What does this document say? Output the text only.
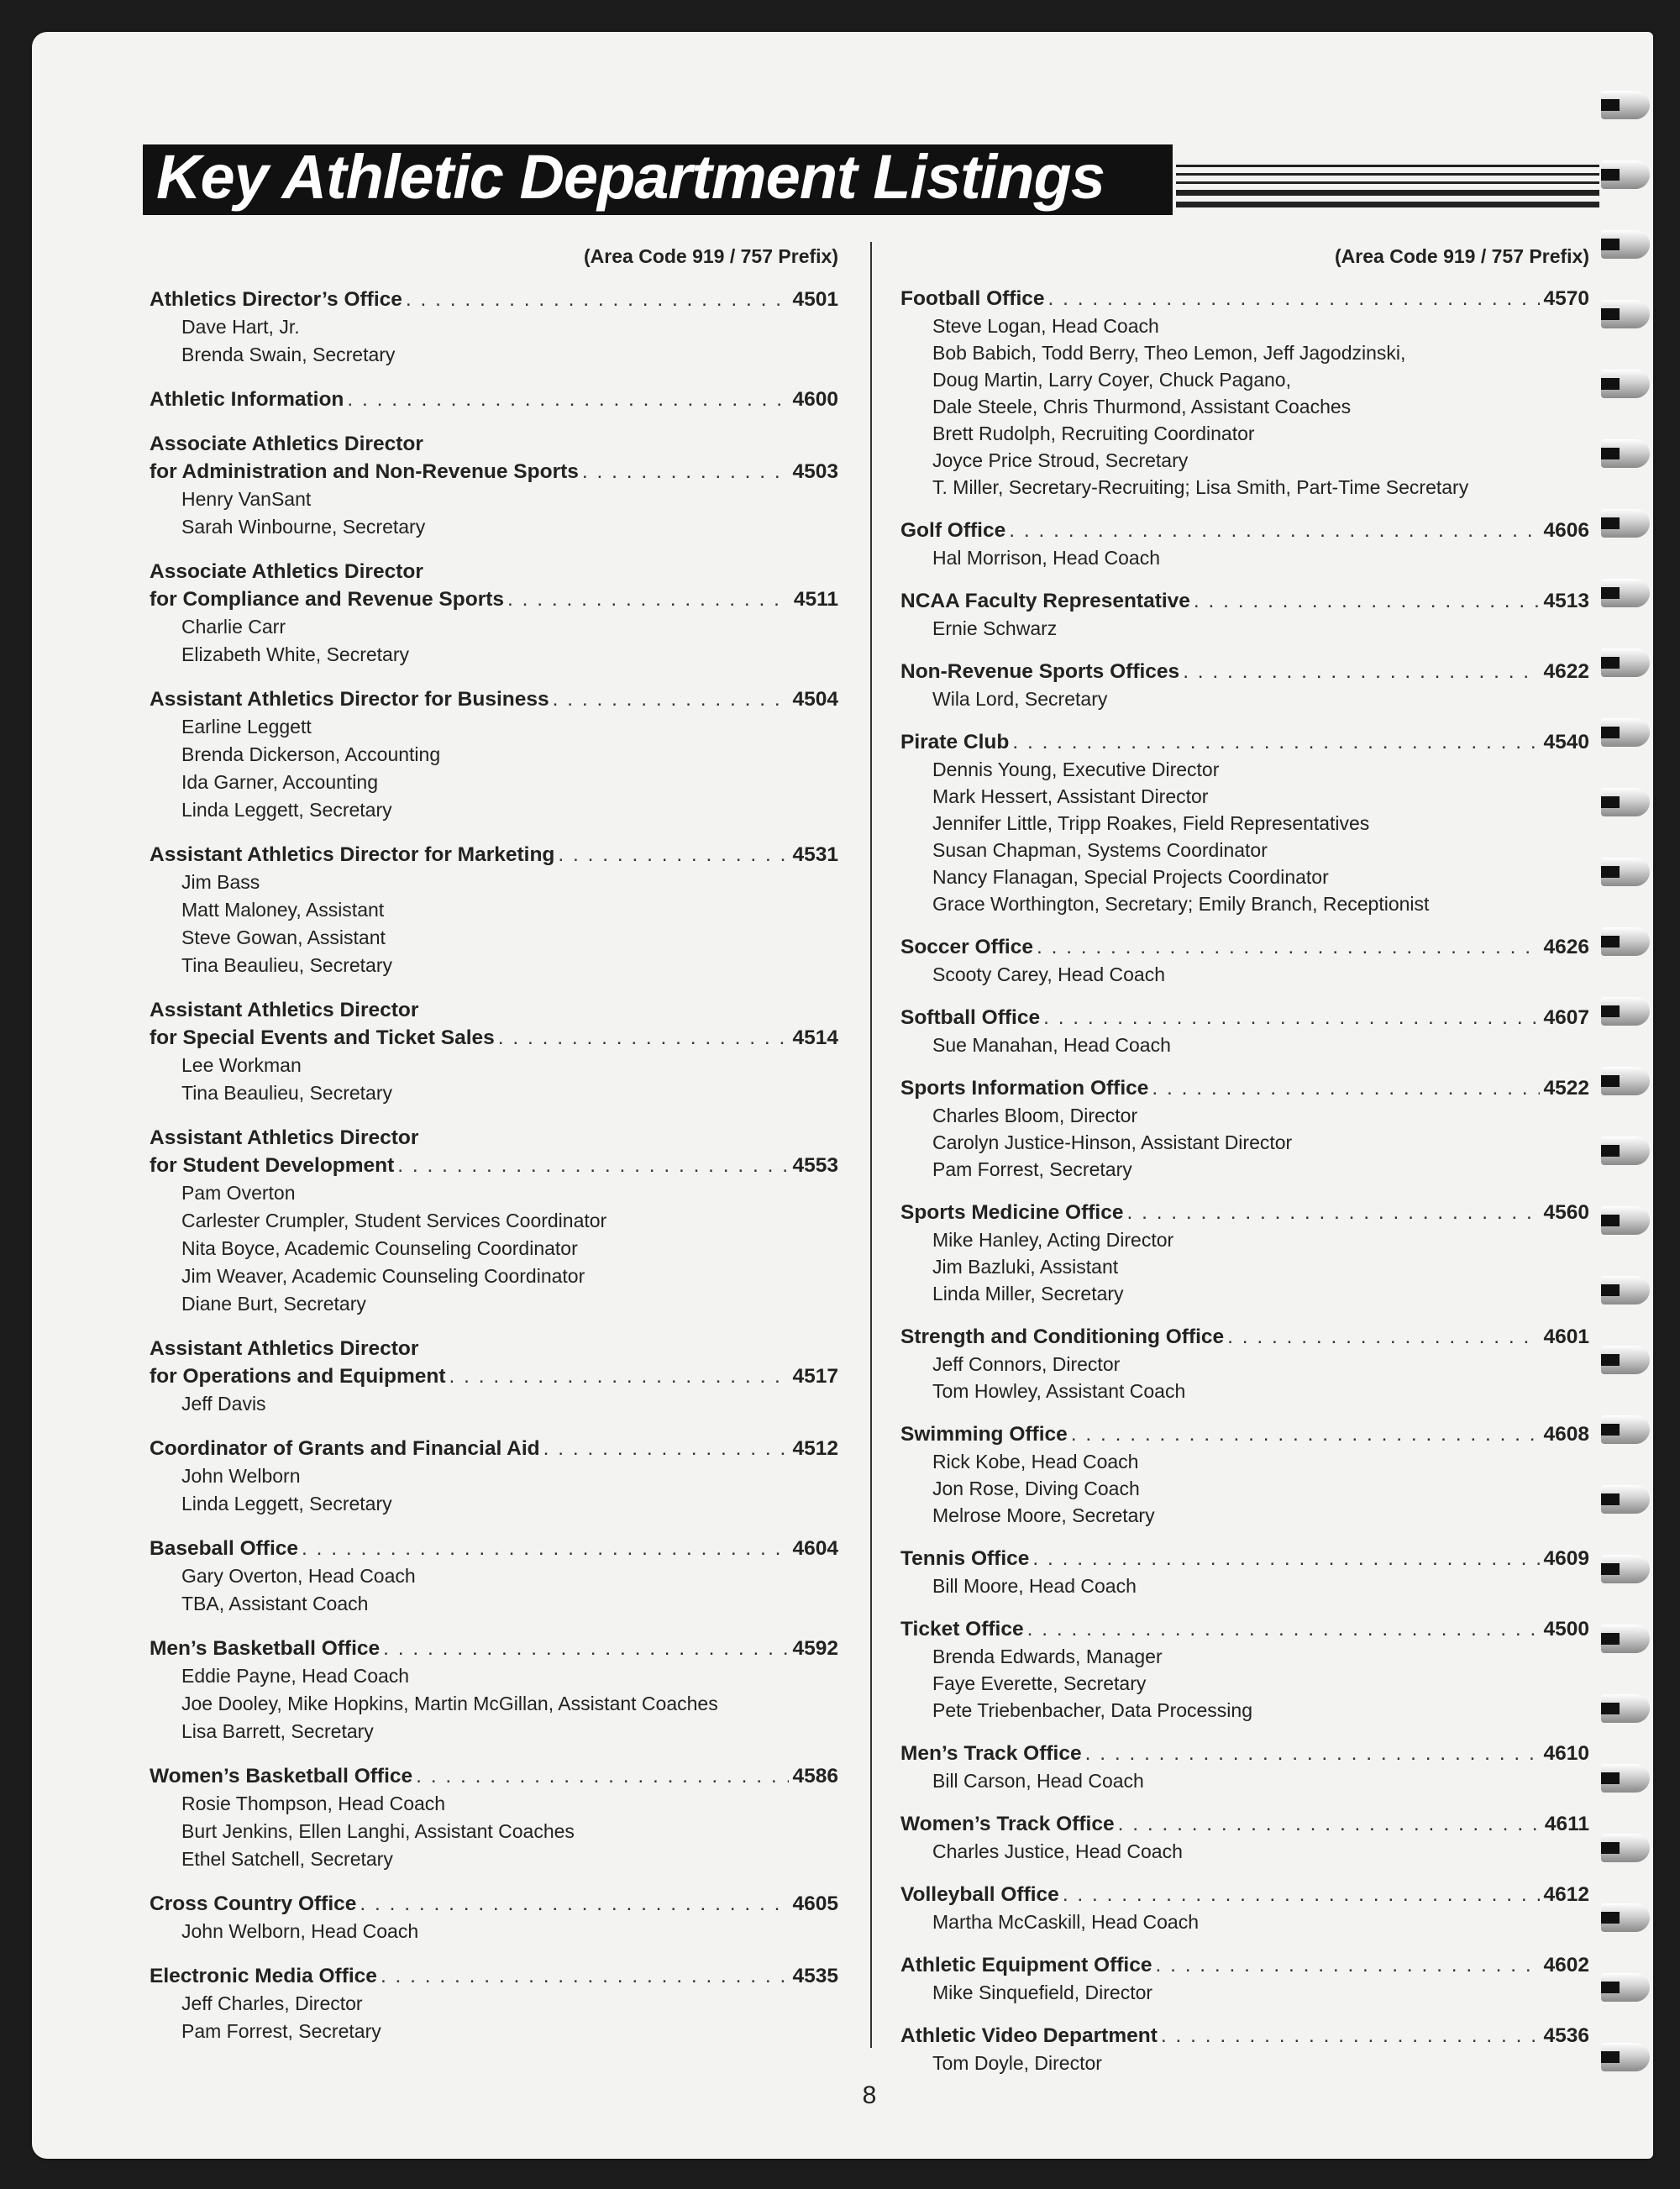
Key Athletic Department Listings
(Area Code 919 / 757 Prefix)
Athletics Director’s Office . . .	4501
Dave Hart, Jr.
Brenda Swain, Secretary
Athletic Information . . .	4600
Associate Athletics Director
for Administration and Non-Revenue Sports . . .	4503
Henry VanSant
Sarah Winbourne, Secretary
Associate Athletics Director
for Compliance and Revenue Sports . . .	4511
Charlie Carr
Elizabeth White, Secretary
Assistant Athletics Director for Business . . .	4504
Earline Leggett
Brenda Dickerson, Accounting
Ida Garner, Accounting
Linda Leggett, Secretary
Assistant Athletics Director for Marketing . . .	4531
Jim Bass
Matt Maloney, Assistant
Steve Gowan, Assistant
Tina Beaulieu, Secretary
Assistant Athletics Director
for Special Events and Ticket Sales . . .	4514
Lee Workman
Tina Beaulieu, Secretary
Assistant Athletics Director
for Student Development . . .	4553
Pam Overton
Carlester Crumpler, Student Services Coordinator
Nita Boyce, Academic Counseling Coordinator
Jim Weaver, Academic Counseling Coordinator
Diane Burt, Secretary
Assistant Athletics Director
for Operations and Equipment . . .	4517
Jeff Davis
Coordinator of Grants and Financial Aid . . .	4512
John Welborn
Linda Leggett, Secretary
Baseball Office . . .	4604
Gary Overton, Head Coach
TBA, Assistant Coach
Men’s Basketball Office . . .	4592
Eddie Payne, Head Coach
Joe Dooley, Mike Hopkins, Martin McGillan, Assistant Coaches
Lisa Barrett, Secretary
Women’s Basketball Office . . .	4586
Rosie Thompson, Head Coach
Burt Jenkins, Ellen Langhi, Assistant Coaches
Ethel Satchell, Secretary
Cross Country Office . . .	4605
John Welborn, Head Coach
Electronic Media Office . . .	4535
Jeff Charles, Director
Pam Forrest, Secretary
(Area Code 919 / 757 Prefix)
Football Office . . .	4570
Steve Logan, Head Coach
Bob Babich, Todd Berry, Theo Lemon, Jeff Jagodzinski,
Doug Martin, Larry Coyer, Chuck Pagano,
Dale Steele, Chris Thurmond, Assistant Coaches
Brett Rudolph, Recruiting Coordinator
Joyce Price Stroud, Secretary
T. Miller, Secretary-Recruiting; Lisa Smith, Part-Time Secretary
Golf Office . . .	4606
Hal Morrison, Head Coach
NCAA Faculty Representative . . .	4513
Ernie Schwarz
Non-Revenue Sports Offices . . .	4622
Wila Lord, Secretary
Pirate Club . . .	4540
Dennis Young, Executive Director
Mark Hessert, Assistant Director
Jennifer Little, Tripp Roakes, Field Representatives
Susan Chapman, Systems Coordinator
Nancy Flanagan, Special Projects Coordinator
Grace Worthington, Secretary; Emily Branch, Receptionist
Soccer Office . . .	4626
Scooty Carey, Head Coach
Softball Office . . .	4607
Sue Manahan, Head Coach
Sports Information Office . . .	4522
Charles Bloom, Director
Carolyn Justice-Hinson, Assistant Director
Pam Forrest, Secretary
Sports Medicine Office . . .	4560
Mike Hanley, Acting Director
Jim Bazluki, Assistant
Linda Miller, Secretary
Strength and Conditioning Office . . .	4601
Jeff Connors, Director
Tom Howley, Assistant Coach
Swimming Office . . .	4608
Rick Kobe, Head Coach
Jon Rose, Diving Coach
Melrose Moore, Secretary
Tennis Office . . .	4609
Bill Moore, Head Coach
Ticket Office . . .	4500
Brenda Edwards, Manager
Faye Everette, Secretary
Pete Triebenbacher, Data Processing
Men’s Track Office . . .	4610
Bill Carson, Head Coach
Women’s Track Office . . .	4611
Charles Justice, Head Coach
Volleyball Office . . .	4612
Martha McCaskill, Head Coach
Athletic Equipment Office . . .	4602
Mike Sinquefield, Director
Athletic Video Department . . .	4536
Tom Doyle, Director
8
